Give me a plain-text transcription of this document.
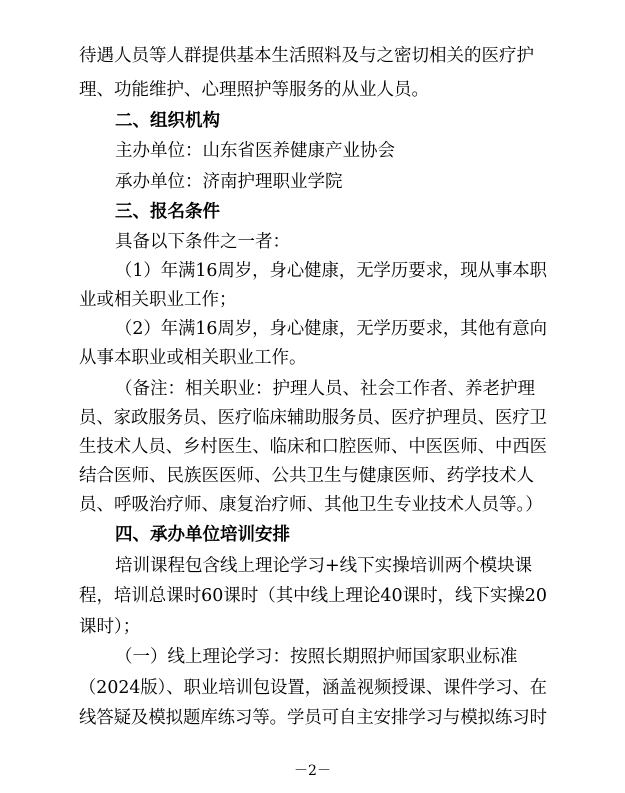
待遇人员等人群提供基本生活照料及与之密切相关的医疗护
理、功能维护、心理照护等服务的从业人员。
二、组织机构
主办单位：山东省医养健康产业协会
承办单位：济南护理职业学院
三、报名条件
具备以下条件之一者：
（1）年满16周岁，身心健康，无学历要求，现从事本职
业或相关职业工作；
（2）年满16周岁，身心健康，无学历要求，其他有意向
从事本职业或相关职业工作。
（备注：相关职业：护理人员、社会工作者、养老护理
员、家政服务员、医疗临床辅助服务员、医疗护理员、医疗卫
生技术人员、乡村医生、临床和口腔医师、中医医师、中西医
结合医师、民族医医师、公共卫生与健康医师、药学技术人
员、呼吸治疗师、康复治疗师、其他卫生专业技术人员等。）
四、承办单位培训安排
培训课程包含线上理论学习+线下实操培训两个模块课
程，培训总课时60课时（其中线上理论40课时，线下实操20
课时）；
（一）线上理论学习：按照长期照护师国家职业标准
（2024版）、职业培训包设置，涵盖视频授课、课件学习、在
线答疑及模拟题库练习等。学员可自主安排学习与模拟练习时
－2－
